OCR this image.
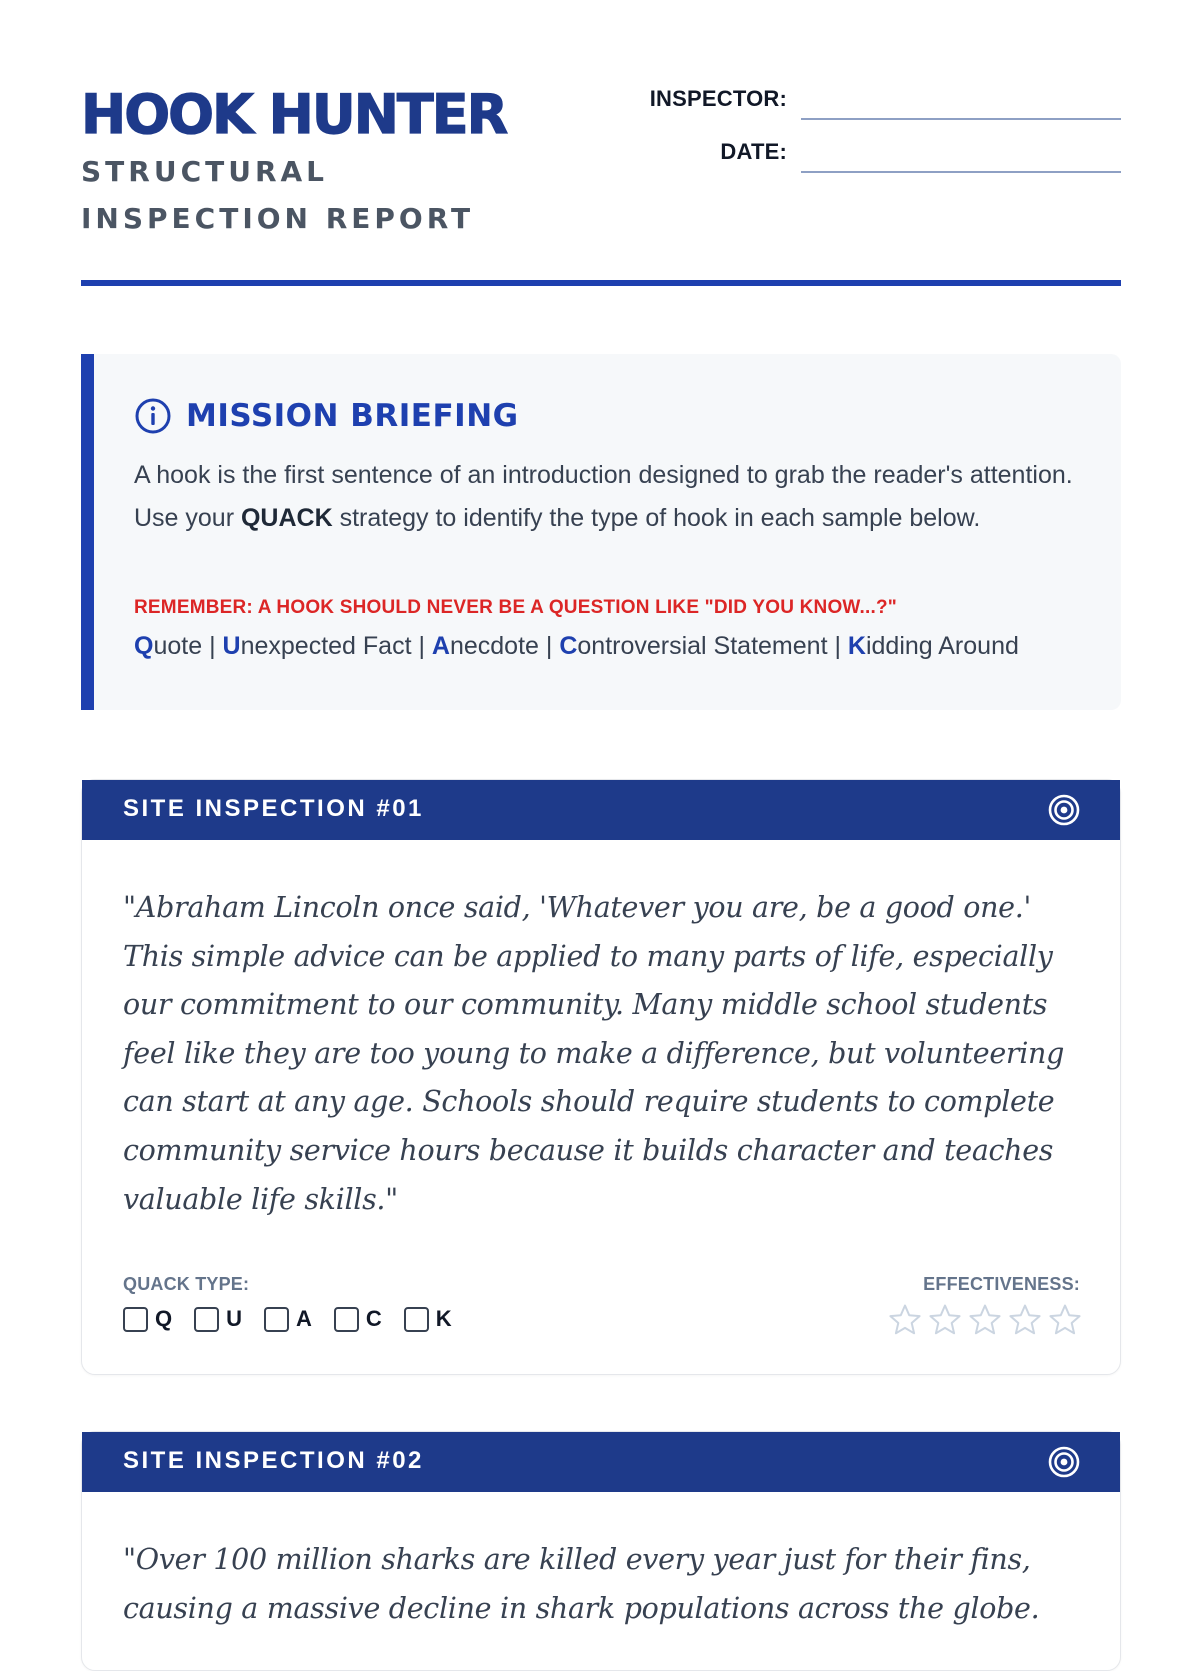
HOOK HUNTER
STRUCTURAL INSPECTION REPORT
INSPECTOR:
DATE:
MISSION BRIEFING

A hook is the first sentence of an introduction designed to grab the reader's attention. Use your QUACK strategy to identify the type of hook in each sample below.

REMEMBER: A HOOK SHOULD NEVER BE A QUESTION LIKE "DID YOU KNOW...?"
Quote | Unexpected Fact | Anecdote | Controversial Statement | Kidding Around
SITE INSPECTION #01

"Abraham Lincoln once said, 'Whatever you are, be a good one.' This simple advice can be applied to many parts of life, especially our commitment to our community. Many middle school students feel like they are too young to make a difference, but volunteering can start at any age. Schools should require students to complete community service hours because it builds character and teaches valuable life skills."

QUACK TYPE:
Q U A C K
EFFECTIVENESS:
SITE INSPECTION #02

"Over 100 million sharks are killed every year just for their fins, causing a massive decline in shark populations across the globe.
